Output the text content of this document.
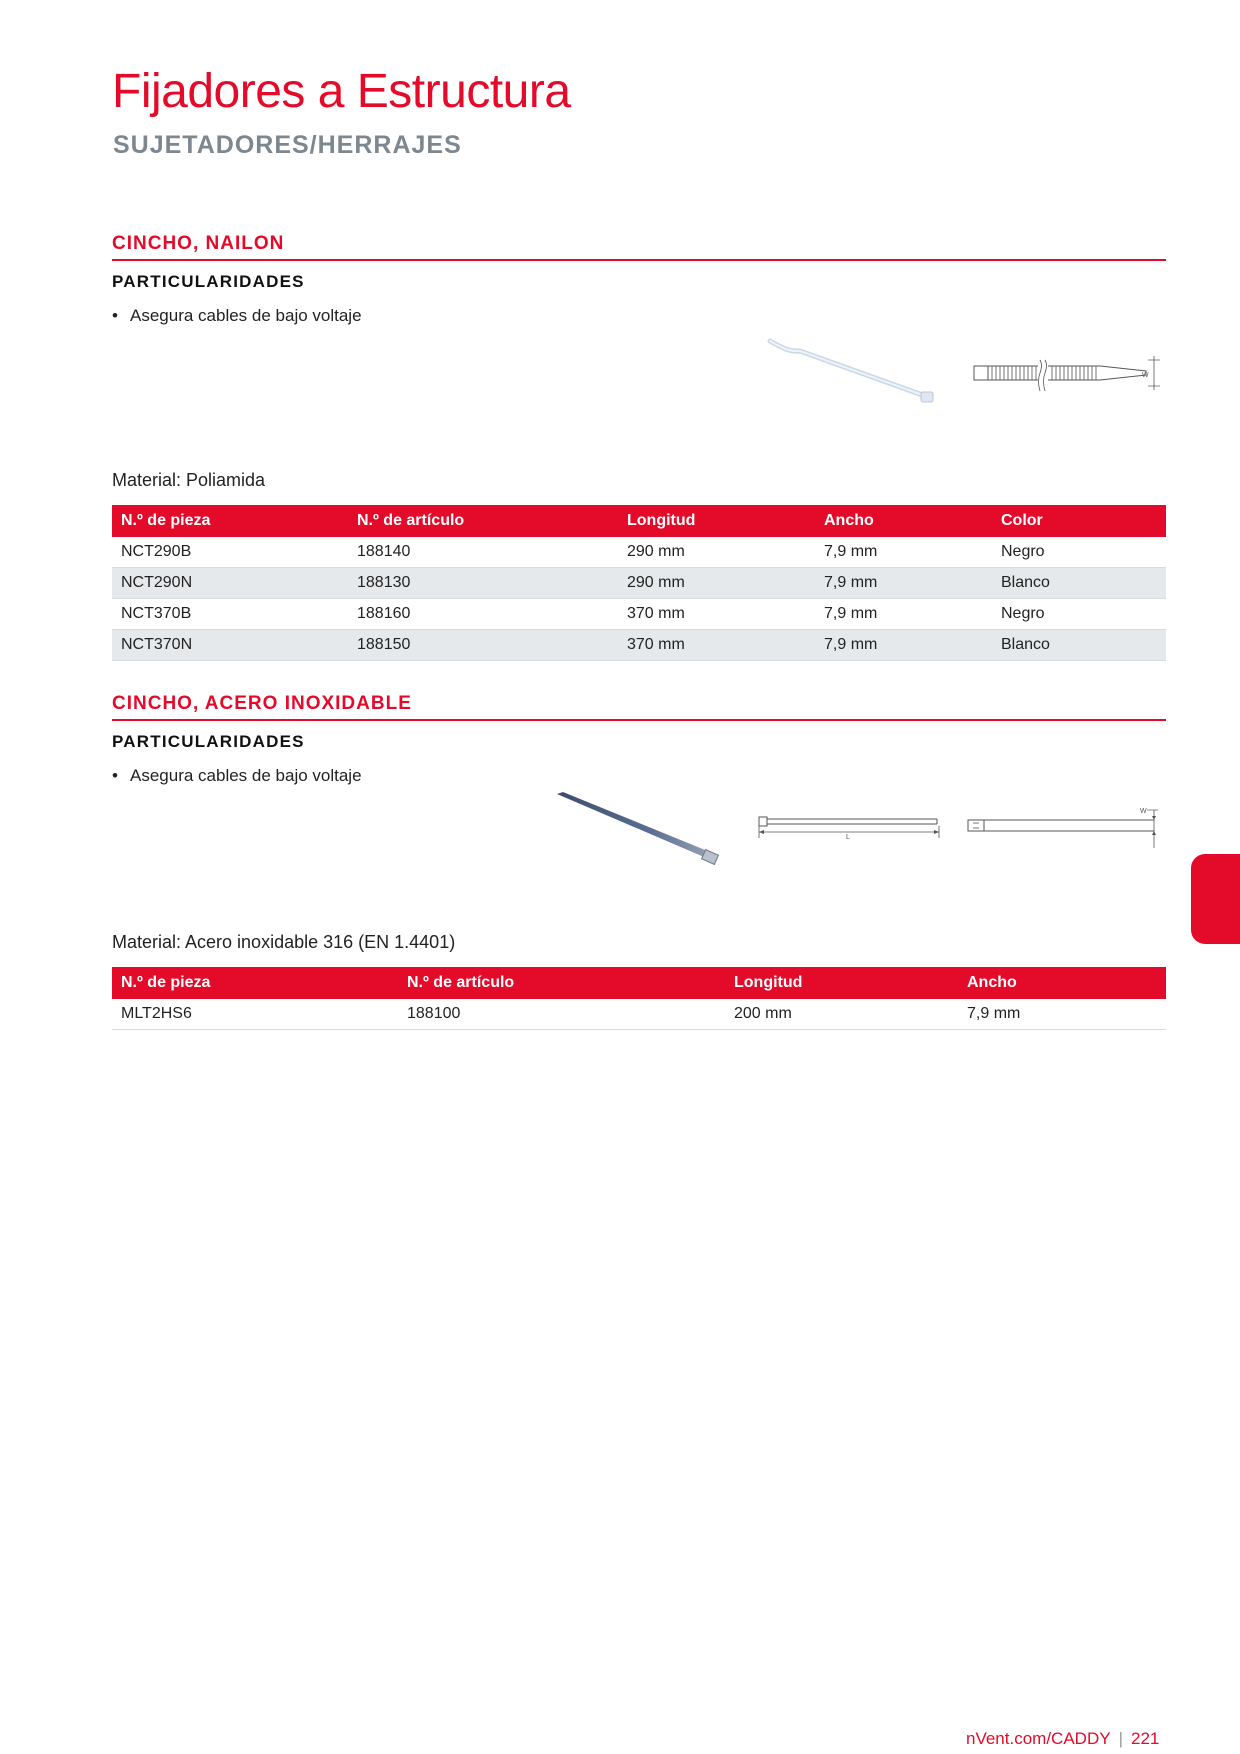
Fijadores a Estructura
SUJETADORES/HERRAJES
CINCHO, NAILON
PARTICULARIDADES
• Asegura cables de bajo voltaje
W
Material: Poliamida
N.º de pieza	N.º de artículo	Longitud	Ancho	Color
NCT290B	188140	290 mm	7,9 mm	Negro
NCT290N	188130	290 mm	7,9 mm	Blanco
NCT370B	188160	370 mm	7,9 mm	Negro
NCT370N	188150	370 mm	7,9 mm	Blanco
CINCHO, ACERO INOXIDABLE
PARTICULARIDADES
• Asegura cables de bajo voltaje
L
W
Material: Acero inoxidable 316 (EN 1.4401)
N.º de pieza	N.º de artículo	Longitud	Ancho
MLT2HS6	188100	200 mm	7,9 mm
nVent.com/CADDY | 221
